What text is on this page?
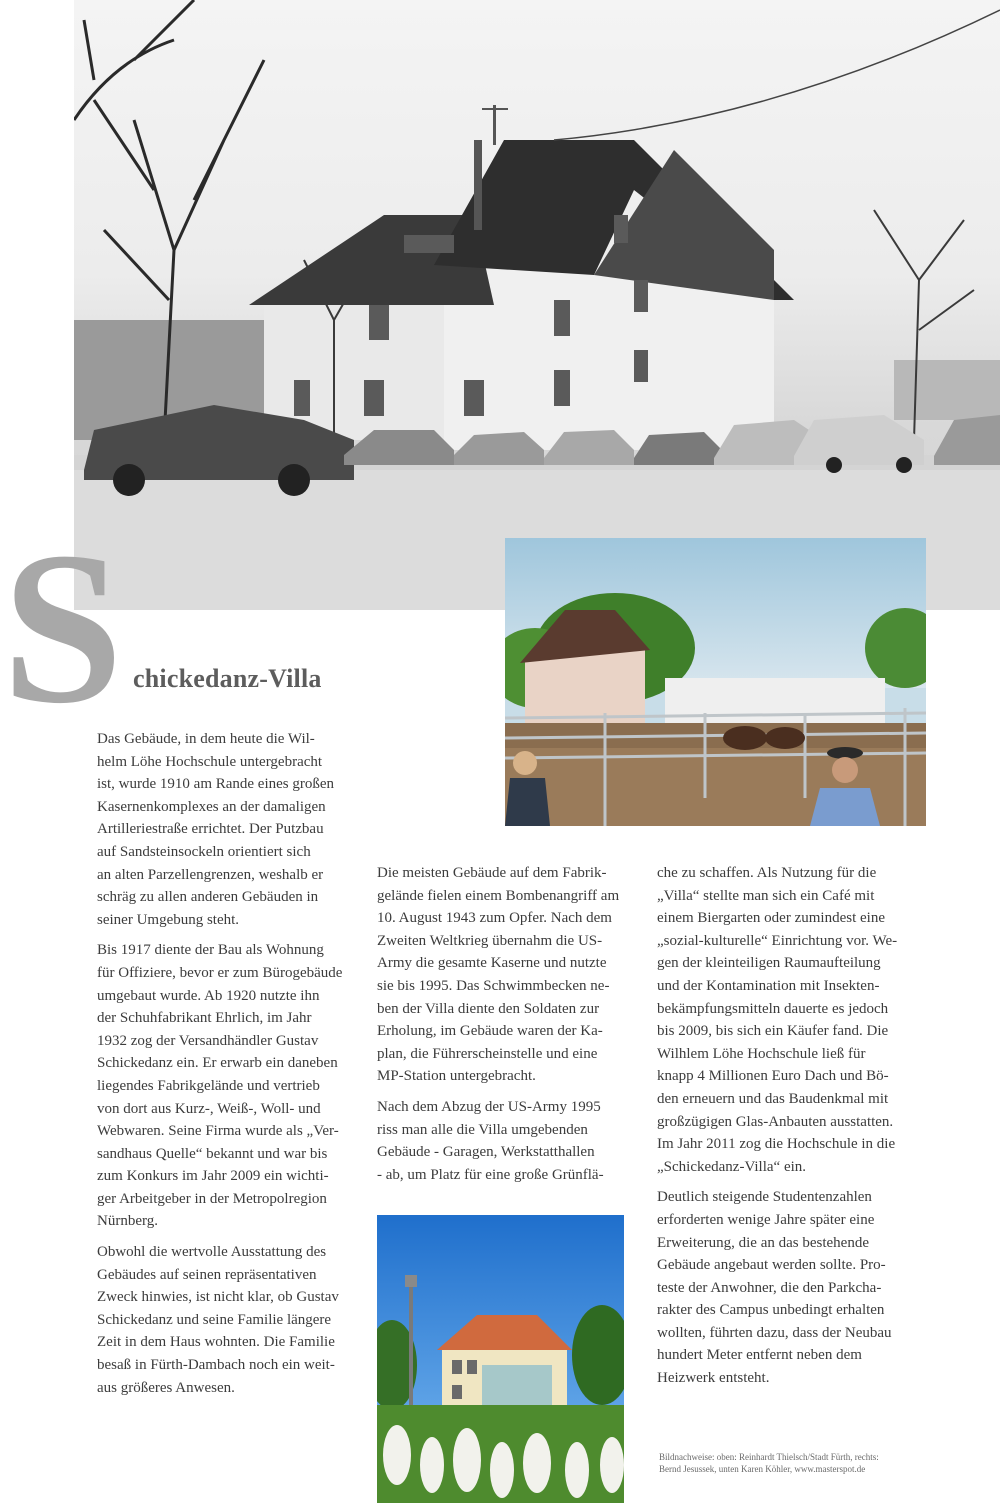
S chickedanz-Villa

Das Gebäude, in dem heute die Wil-
helm Löhe Hochschule untergebracht
ist, wurde 1910 am Rande eines großen
Kasernenkomplexes an der damaligen
Artilleriestraße errichtet. Der Putzbau
auf Sandsteinsockeln orientiert sich
an alten Parzellengrenzen, weshalb er
schräg zu allen anderen Gebäuden in
seiner Umgebung steht.

Bis 1917 diente der Bau als Wohnung
für Offiziere, bevor er zum Bürogebäude
umgebaut wurde. Ab 1920 nutzte ihn
der Schuhfabrikant Ehrlich, im Jahr
1932 zog der Versandhändler Gustav
Schickedanz ein. Er erwarb ein daneben
liegendes Fabrikgelände und vertrieb
von dort aus Kurz-, Weiß-, Woll- und
Webwaren. Seine Firma wurde als „Ver-
sandhaus Quelle“ bekannt und war bis
zum Konkurs im Jahr 2009 ein wichti-
ger Arbeitgeber in der Metropolregion
Nürnberg.

Obwohl die wertvolle Ausstattung des
Gebäudes auf seinen repräsentativen
Zweck hinwies, ist nicht klar, ob Gustav
Schickedanz und seine Familie längere
Zeit in dem Haus wohnten. Die Familie
besaß in Fürth-Dambach noch ein weit-
aus größeres Anwesen.

Die meisten Gebäude auf dem Fabrik-
gelände fielen einem Bombenangriff am
10. August 1943 zum Opfer. Nach dem
Zweiten Weltkrieg übernahm die US-
Army die gesamte Kaserne und nutzte
sie bis 1995. Das Schwimmbecken ne-
ben der Villa diente den Soldaten zur
Erholung, im Gebäude waren der Ka-
plan, die Führerscheinstelle und eine
MP-Station untergebracht.

Nach dem Abzug der US-Army 1995
riss man alle die Villa umgebenden
Gebäude - Garagen, Werkstatthallen
- ab, um Platz für eine große Grünflä-

che zu schaffen. Als Nutzung für die
„Villa“ stellte man sich ein Café mit
einem Biergarten oder zumindest eine
„sozial-kulturelle“ Einrichtung vor. We-
gen der kleinteiligen Raumaufteilung
und der Kontamination mit Insekten-
bekämpfungsmitteln dauerte es jedoch
bis 2009, bis sich ein Käufer fand. Die
Wilhlem Löhe Hochschule ließ für
knapp 4 Millionen Euro Dach und Bö-
den erneuern und das Baudenkmal mit
großzügigen Glas-Anbauten ausstatten.
Im Jahr 2011 zog die Hochschule in die
„Schickedanz-Villa“ ein.

Deutlich steigende Studentenzahlen
erforderten wenige Jahre später eine
Erweiterung, die an das bestehende
Gebäude angebaut werden sollte. Pro-
teste der Anwohner, die den Parkcha-
rakter des Campus unbedingt erhalten
wollten, führten dazu, dass der Neubau
hundert Meter entfernt neben dem
Heizwerk entsteht.

Bildnachweise: oben: Reinhardt Thielsch/Stadt Fürth, rechts:
Bernd Jesussek, unten Karen Köhler, www.masterspot.de
